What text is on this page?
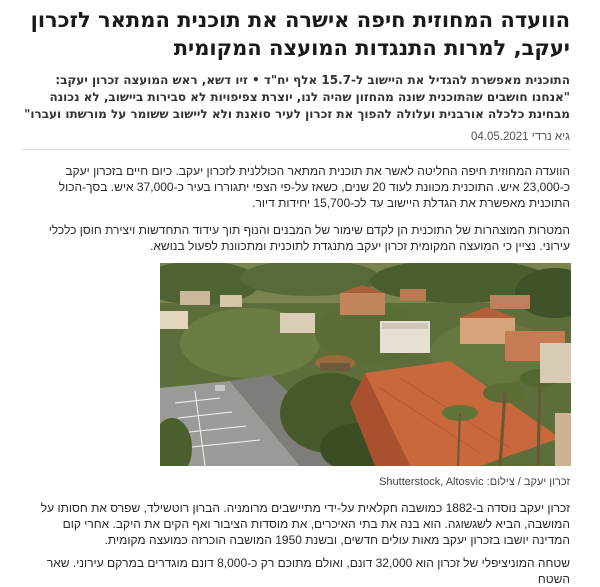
הוועדה המחוזית חיפה אישרה את תוכנית המתאר לזכרון יעקב, למרות התנגדות המועצה המקומית

התוכנית מאפשרת להגדיל את היישוב ל-15.7 אלף יח"ד • זיו דשא, ראש המועצה זכרון יעקב: "אנחנו חושבים שהתוכנית שונה מהחזון שהיה לנו, יוצרת צפיפויות לא סבירות ביישוב, לא נכונה מבחינת כלכלה אורבנית ועלולה להפוך את זכרון לעיר סואנת ולא ליישוב ששומר על מורשתו ועברו"

גיא נרדי 04.05.2021

הוועדה המחוזית חיפה החליטה לאשר את תוכנית המתאר הכוללנית לזכרון יעקב. כיום חיים בזכרון יעקב כ-23,000 איש. התוכנית מכוונת לעוד 20 שנים, כשאז על-פי הצפי יתגוררו בעיר כ-37,000 איש. בסך-הכול התוכנית מאפשרת את הגדלת היישוב עד לכ-15,700 יחידות דיור.

המטרות המוצהרות של התוכנית הן לקדם שימור של המבנים והנוף תוך עידוד התחדשות ויצירת חוסן כלכלי עירוני. נציין כי המועצה המקומית זכרון יעקב מתנגדת לתוכנית ומתכוונת לפעול בנושא.

זכרון יעקב / צילום: Shutterstock, Altosvic

זכרון יעקב נוסדה ב-1882 כמושבה חקלאית על-ידי מתיישבים מרומניה. הברון רוטשילד, שפרס את חסותו על המושבה, הביא לשגשוגה. הוא בנה את בתי האיכרים, את מוסדות הציבור ואף הקים את היקב. אחרי קום המדינה יושבו בזכרון יעקב מאות עולים חדשים, ובשנת 1950 המושבה הוכרזה כמועצה מקומית.

שטחה המוניציפלי של זכרון הוא 32,000 דונם, ואולם מתוכם רק כ-8,000 דונם מוגדרים במרקם עירוני. שאר השטח
